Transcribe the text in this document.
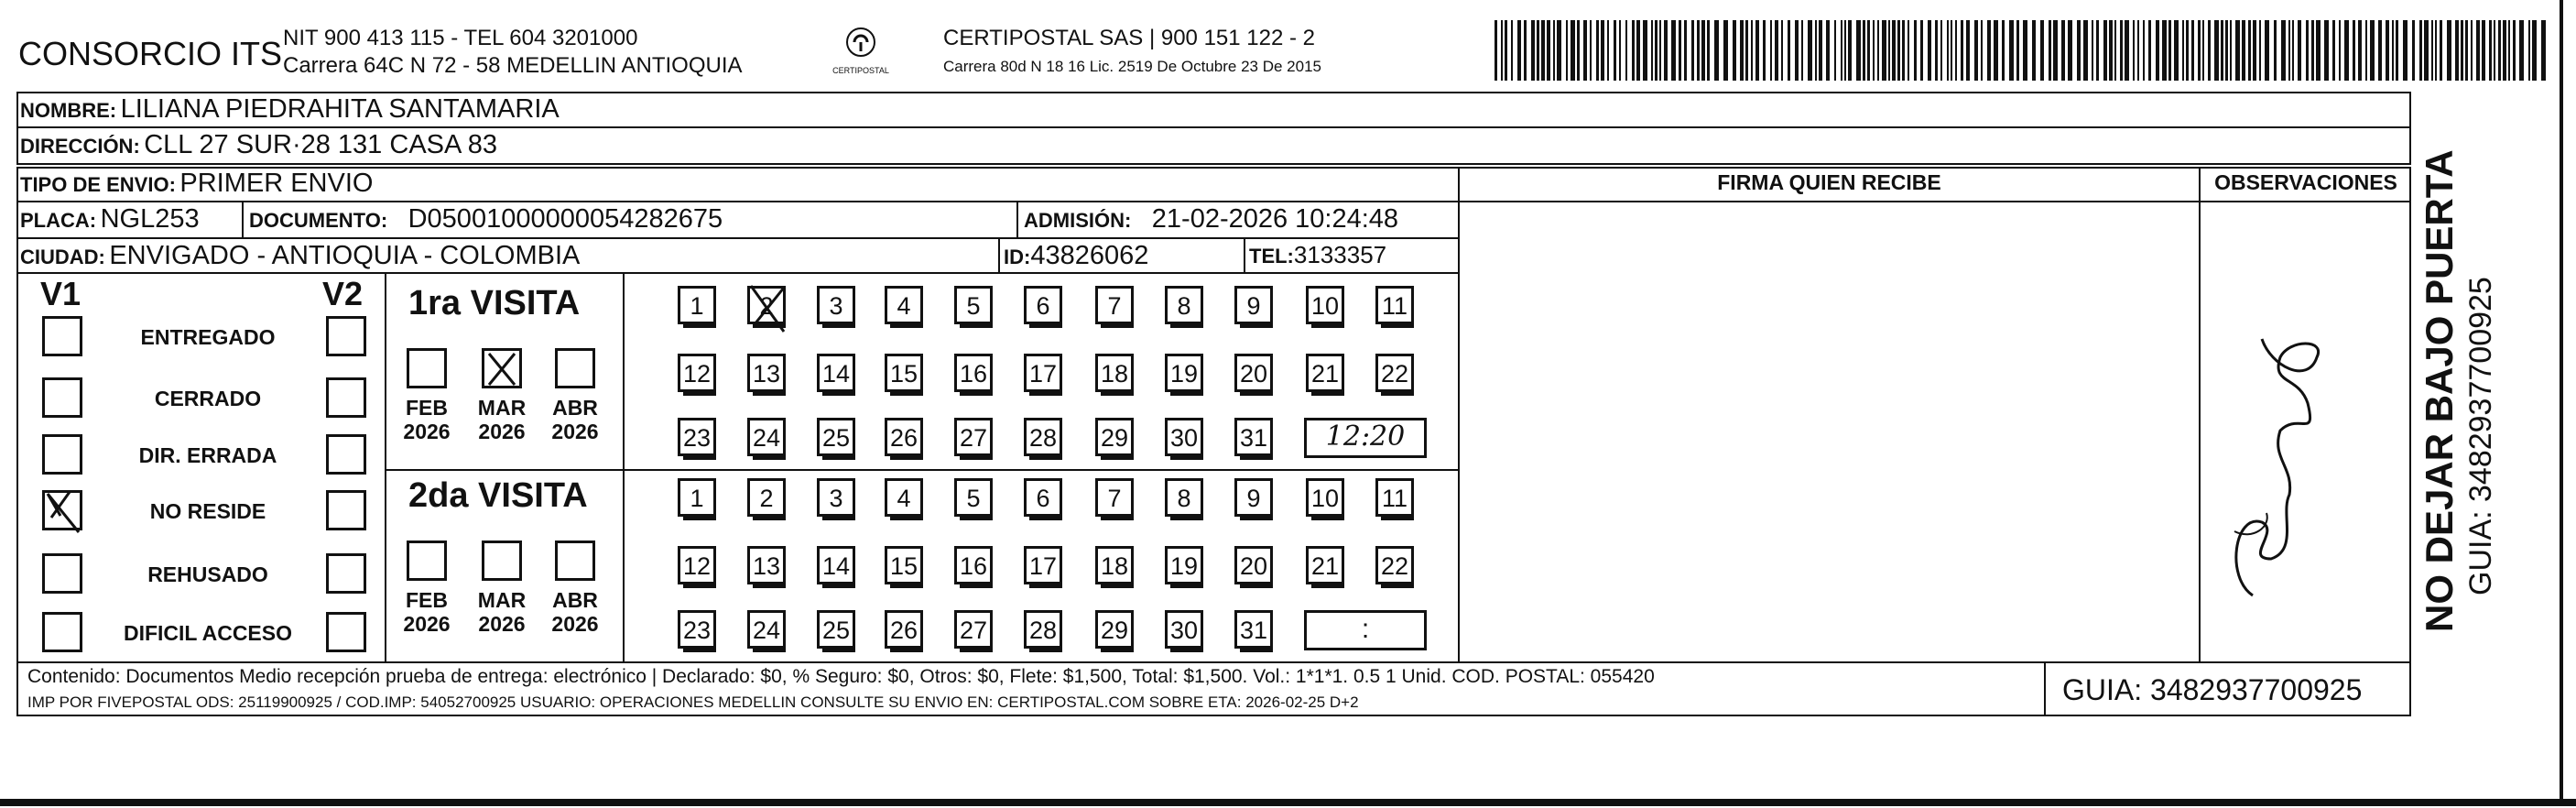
CONSORCIO ITS NIT 900 413 115 - TEL 604 3201000
Carrera 64C N 72 - 58 MEDELLIN ANTIOQUIA	CERTIPOSTAL
CERTIPOSTAL SAS | 900 151 122 - 2
Carrera 80d N 18 16 Lic. 2519 De Octubre 23 De 2015
NOMBRE: LILIANA PIEDRAHITA SANTAMARIA
DIRECCIÓN: CLL 27 SUR·28 131 CASA 83
TIPO DE ENVIO: PRIMER ENVIO
PLACA: NGL253 DOCUMENTO: D05001000000054282675	ADMISIÓN: 21-02-2026 10:24:48
CIUDAD: ENVIGADO - ANTIOQUIA - COLOMBIA	ID:43826062	TEL:3133357
FIRMA QUIEN RECIBE	OBSERVACIONES
V1	V2
ENTREGADO
CERRADO
DIR. ERRADA
NO RESIDE
REHUSADO
DIFICIL ACCESO
1ra VISITA
2da VISITA
FEB
2026
MAR
2026
ABR
2026
1	2	3	4	5	6	7	8	9	10 11
12 13 14 15 16 17 18 19 20 21 22
23 24 25 26 27 28 29 30 31	12:20
FEB
2026
MAR
2026
ABR
2026
1	2	3	4	5	6	7	8	9	10 11
12 13 14 15 16 17 18 19 20 21 22
23 24 25 26 27 28 29 30 31	:	NO DEJAR BAJO PUERTA GUIA: 3482937700925
Contenido: Documentos Medio recepción prueba de entrega: electrónico | Declarado: $0, % Seguro: $0, Otros: $0, Flete: $1,500, Total: $1,500. Vol.: 1*1*1. 0.5 1 Unid. COD. POSTAL: 055420
IMP POR FIVEPOSTAL ODS: 25119900925 / COD.IMP: 54052700925 USUARIO: OPERACIONES MEDELLIN CONSULTE SU ENVIO EN: CERTIPOSTAL.COM SOBRE ETA: 2026-02-25 D+2	GUIA: 3482937700925
